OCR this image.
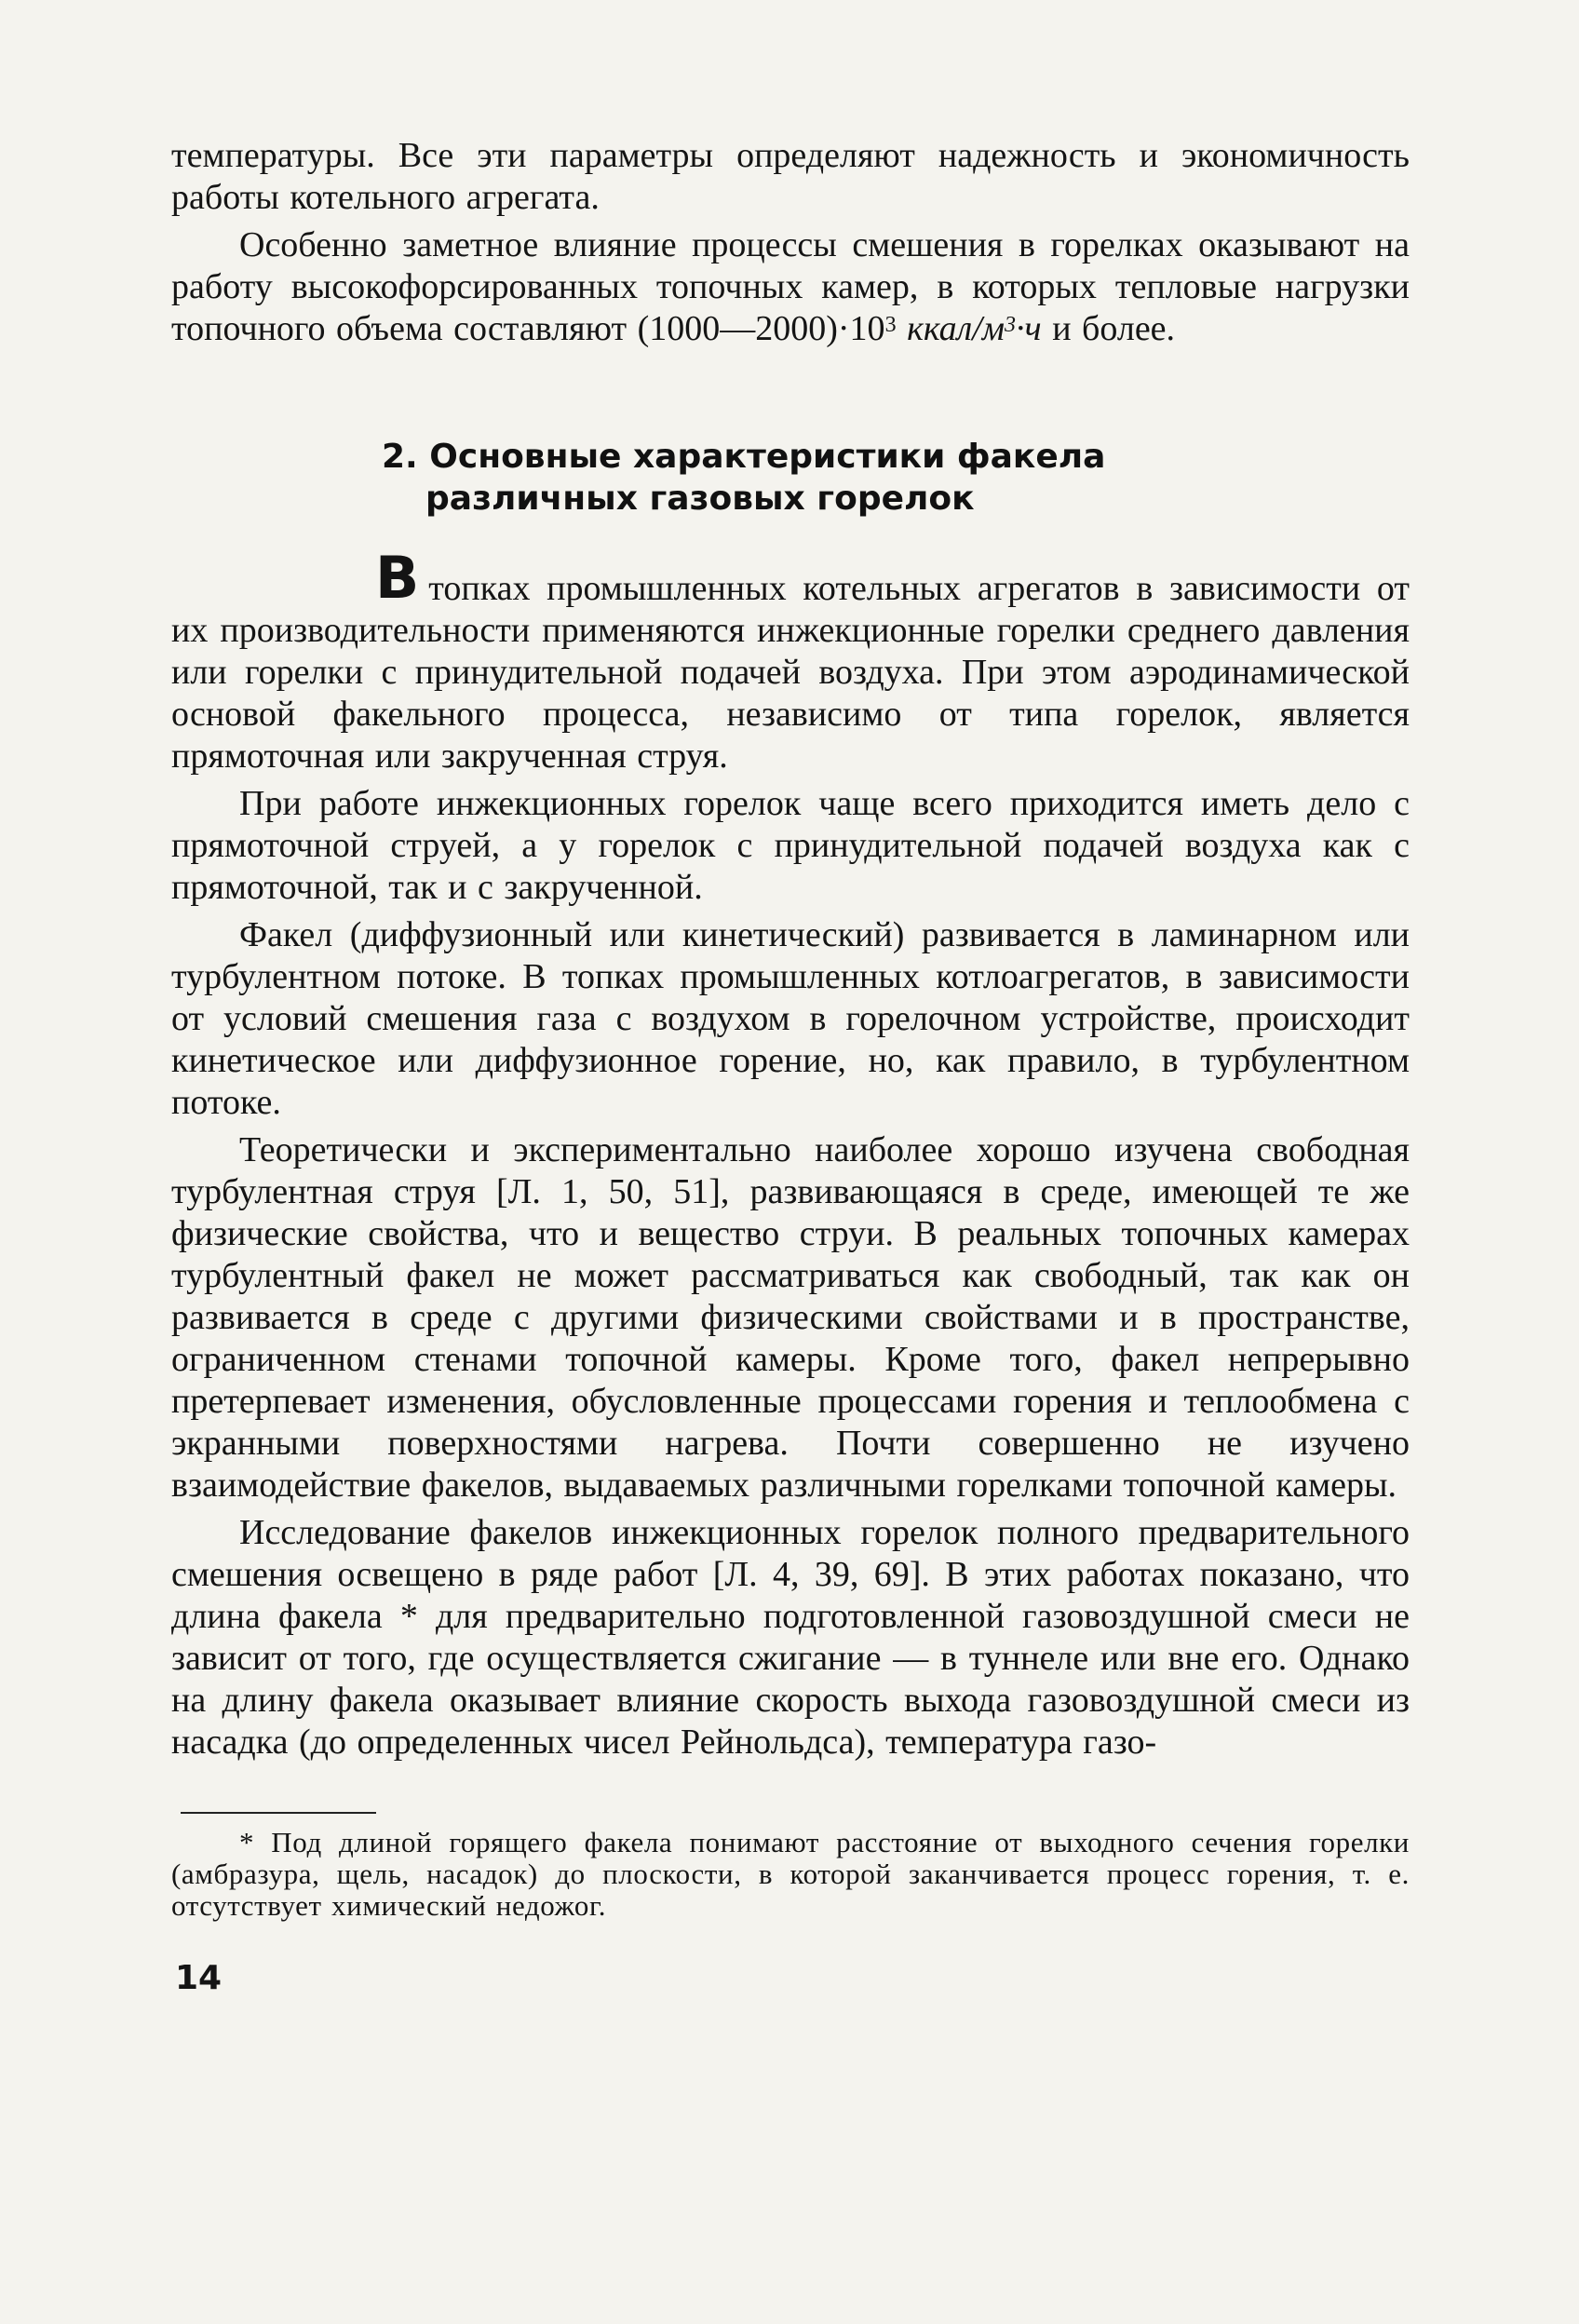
температуры. Все эти параметры определяют надежность и экономичность работы котельного агрегата.

Особенно заметное влияние процессы смешения в горелках оказывают на работу высокофорсированных топочных камер, в которых тепловые нагрузки топочного объема составляют $(1000—2000)\cdot 10^3$ ккал/$м^3\cdot ч$ и более.

2. Основные характеристики факела
различных газовых горелок

Втопках промышленных котельных агрегатов в зависимости от их производительности применяются инжекционные горелки среднего давления или горелки с принудительной подачей воздуха. При этом аэродинамической основой факельного процесса, независимо от типа горелок, является прямоточная или закрученная струя.

При работе инжекционных горелок чаще всего приходится иметь дело с прямоточной струей, а у горелок с принудительной подачей воздуха как с прямоточной, так и с закрученной.

Факел (диффузионный или кинетический) развивается в ламинарном или турбулентном потоке. В топках промышленных котлоагрегатов, в зависимости от условий смешения газа с воздухом в горелочном устройстве, происходит кинетическое или диффузионное горение, но, как правило, в турбулентном потоке.

Теоретически и экспериментально наиболее хорошо изучена свободная турбулентная струя [Л. 1, 50, 51], развивающаяся в среде, имеющей те же физические свойства, что и вещество струи. В реальных топочных камерах турбулентный факел не может рассматриваться как свободный, так как он развивается в среде с другими физическими свойствами и в пространстве, ограниченном стенами топочной камеры. Кроме того, факел непрерывно претерпевает изменения, обусловленные процессами горения и теплообмена с экранными поверхностями нагрева. Почти совершенно не изучено взаимодействие факелов, выдаваемых различными горелками топочной камеры.

Исследование факелов инжекционных горелок полного предварительного смешения освещено в ряде работ [Л. 4, 39, 69]. В этих работах показано, что длина факела * для предварительно подготовленной газовоздушной смеси не зависит от того, где осуществляется сжигание — в туннеле или вне его. Однако на длину факела оказывает влияние скорость выхода газовоздушной смеси из насадка (до определенных чисел Рейнольдса), температура газо-

* Под длиной горящего факела понимают расстояние от выходного сечения горелки (амбразура, щель, насадок) до плоскости, в которой заканчивается процесс горения, т. е. отсутствует химический недожог.

14
